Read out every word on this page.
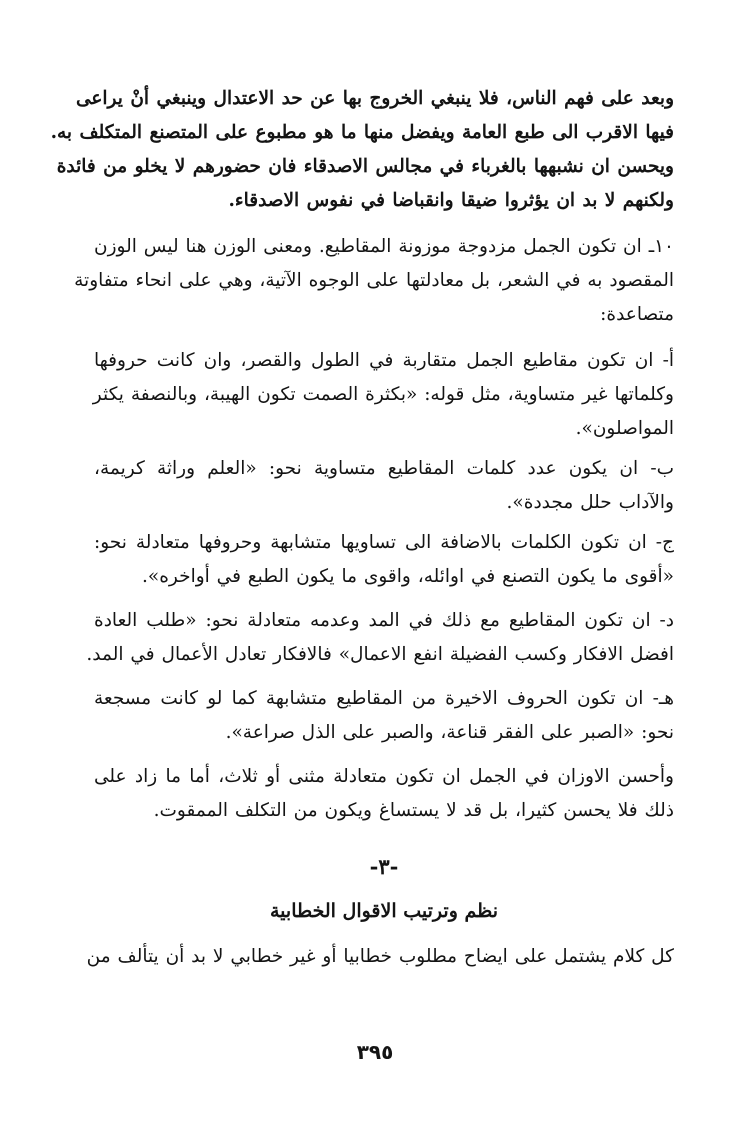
وبعد على فهم الناس، فلا ينبغي الخروج بها عن حد الاعتدال وينبغي أنْ يراعى
فيها الاقرب الى طبع العامة ويفضل منها ما هو مطبوع على المتصنع المتكلف به.
ويحسن ان نشبهها بالغرباء في مجالس الاصدقاء فان حضورهم لا يخلو من فائدة
ولكنهم لا بد ان يؤثروا ضيقا وانقباضا في نفوس الاصدقاء.

١٠ـ ان تكون الجمل مزدوجة موزونة المقاطيع. ومعنى الوزن هنا ليس الوزن
المقصود به في الشعر، بل معادلتها على الوجوه الآتية، وهي على انحاء متفاوتة
متصاعدة:

أ- ان تكون مقاطيع الجمل متقاربة في الطول والقصر، وان كانت حروفها
وكلماتها غير متساوية، مثل قوله: «بكثرة الصمت تكون الهيبة، وبالنصفة يكثر
المواصلون».

ب- ان يكون عدد كلمات المقاطيع متساوية نحو: «العلم وراثة كريمة،
والآداب حلل مجددة».

ج- ان تكون الكلمات بالاضافة الى تساويها متشابهة وحروفها متعادلة نحو:
«أقوى ما يكون التصنع في اوائله، واقوى ما يكون الطبع في أواخره».

د- ان تكون المقاطيع مع ذلك في المد وعدمه متعادلة نحو: «طلب العادة
افضل الافكار وكسب الفضيلة انفع الاعمال» فالافكار تعادل الأعمال في المد.

هـ- ان تكون الحروف الاخيرة من المقاطيع متشابهة كما لو كانت مسجعة
نحو: «الصبر على الفقر قناعة، والصبر على الذل صراعة».

وأحسن الاوزان في الجمل ان تكون متعادلة مثنى أو ثلاث، أما ما زاد على
ذلك فلا يحسن كثيرا، بل قد لا يستساغ ويكون من التكلف الممقوت.

-٣-
نظم وترتيب الاقوال الخطابية

كل كلام يشتمل على ايضاح مطلوب خطابيا أو غير خطابي لا بد أن يتألف من

٣٩٥
